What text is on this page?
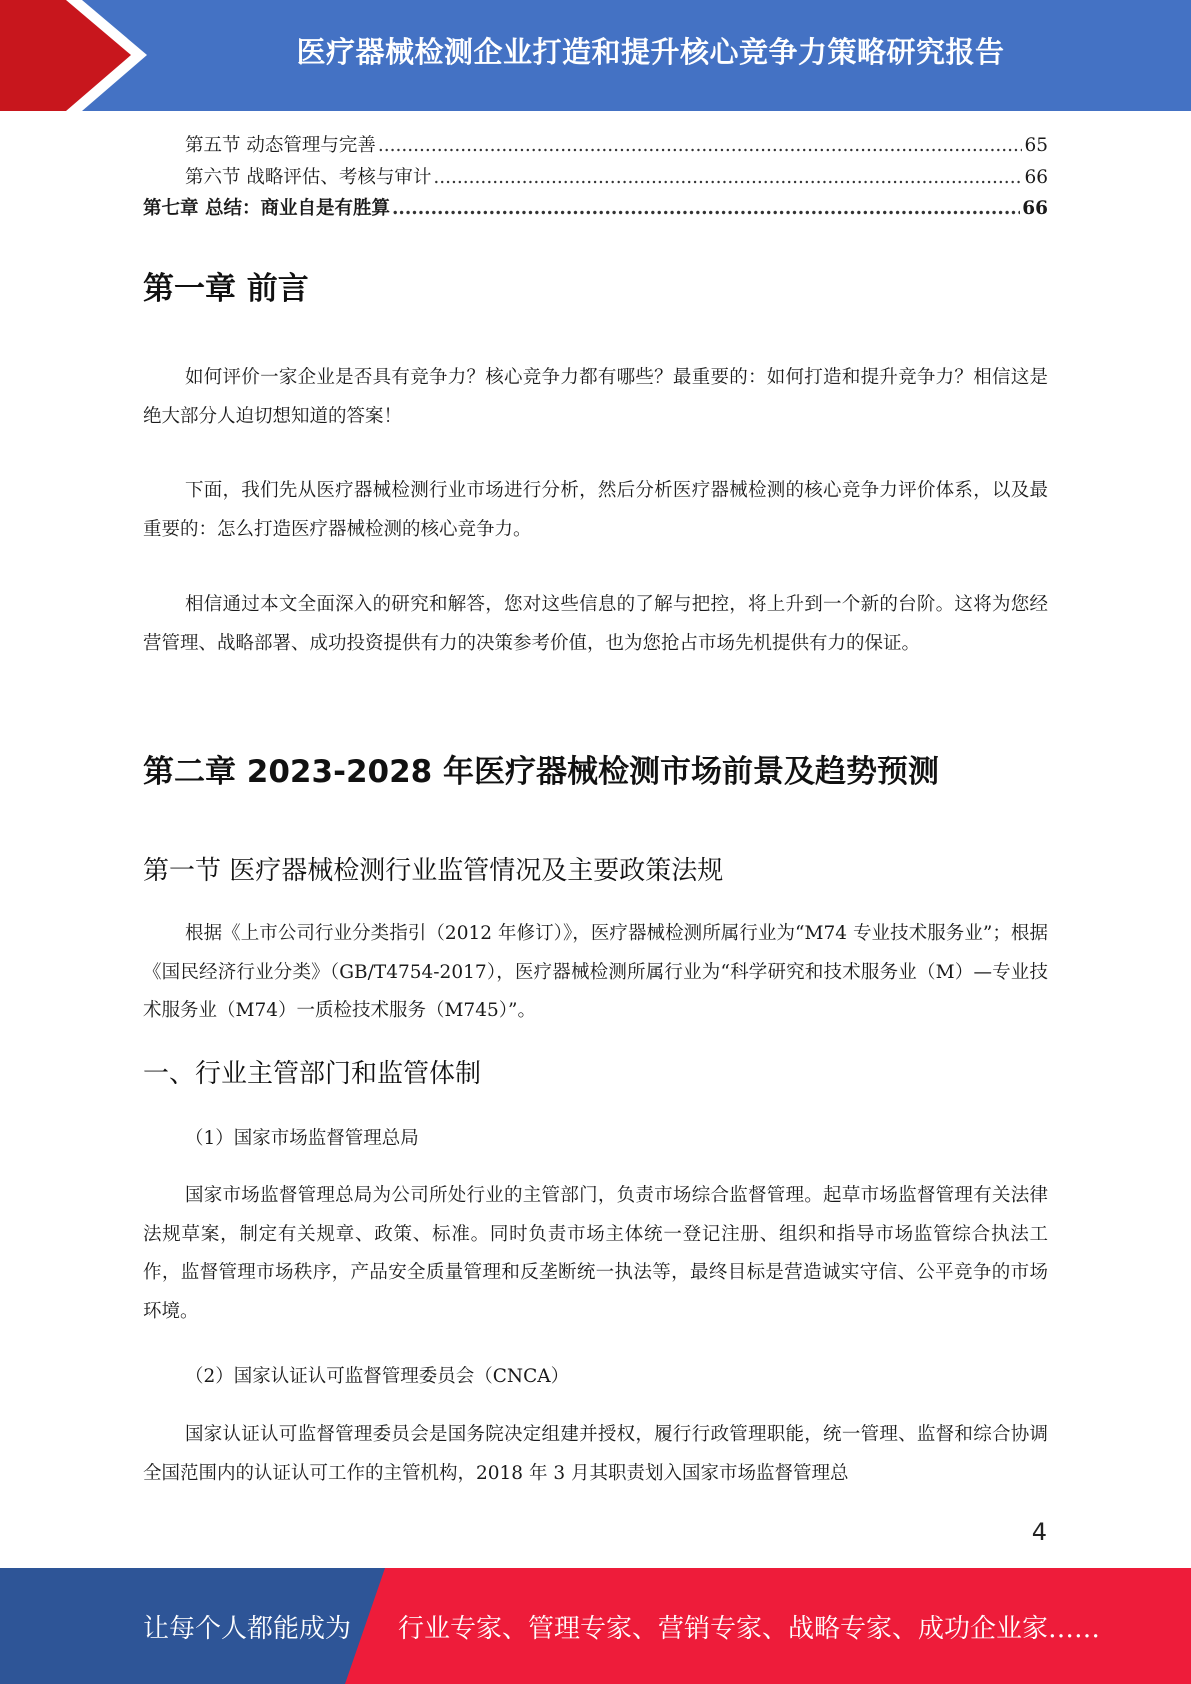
医疗器械检测企业打造和提升核心竞争力策略研究报告
第五节 动态管理与完善 .....	65
第六节 战略评估、考核与审计 .....	66
第七章 总结：商业自是有胜算 .....	66
第一章 前言

如何评价一家企业是否具有竞争力？核心竞争力都有哪些？最重要的：如何打造和提升竞争力？相信这是绝大部分人迫切想知道的答案！

下面，我们先从医疗器械检测行业市场进行分析，然后分析医疗器械检测的核心竞争力评价体系，以及最重要的：怎么打造医疗器械检测的核心竞争力。

相信通过本文全面深入的研究和解答，您对这些信息的了解与把控，将上升到一个新的台阶。这将为您经营管理、战略部署、成功投资提供有力的决策参考价值，也为您抢占市场先机提供有力的保证。

第二章 2023-2028 年医疗器械检测市场前景及趋势预测
第一节 医疗器械检测行业监管情况及主要政策法规

根据《上市公司行业分类指引（2012 年修订）》，医疗器械检测所属行业为“M74 专业技术服务业”；根据《国民经济行业分类》（GB/T4754-2017），医疗器械检测所属行业为“科学研究和技术服务业（M）—专业技术服务业（M74）一质检技术服务（M745）”。

一、行业主管部门和监管体制
（1）国家市场监督管理总局

国家市场监督管理总局为公司所处行业的主管部门，负责市场综合监督管理。起草市场监督管理有关法律法规草案，制定有关规章、政策、标准。同时负责市场主体统一登记注册、组织和指导市场监管综合执法工作，监督管理市场秩序，产品安全质量管理和反垄断统一执法等，最终目标是营造诚实守信、公平竞争的市场环境。

（2）国家认证认可监督管理委员会（CNCA）

国家认证认可监督管理委员会是国务院决定组建并授权，履行行政管理职能，统一管理、监督和综合协调全国范围内的认证认可工作的主管机构，2018 年 3 月其职责划入国家市场监督管理总

4
让每个人都能成为 行业专家、管理专家、营销专家、战略专家、成功企业家……
